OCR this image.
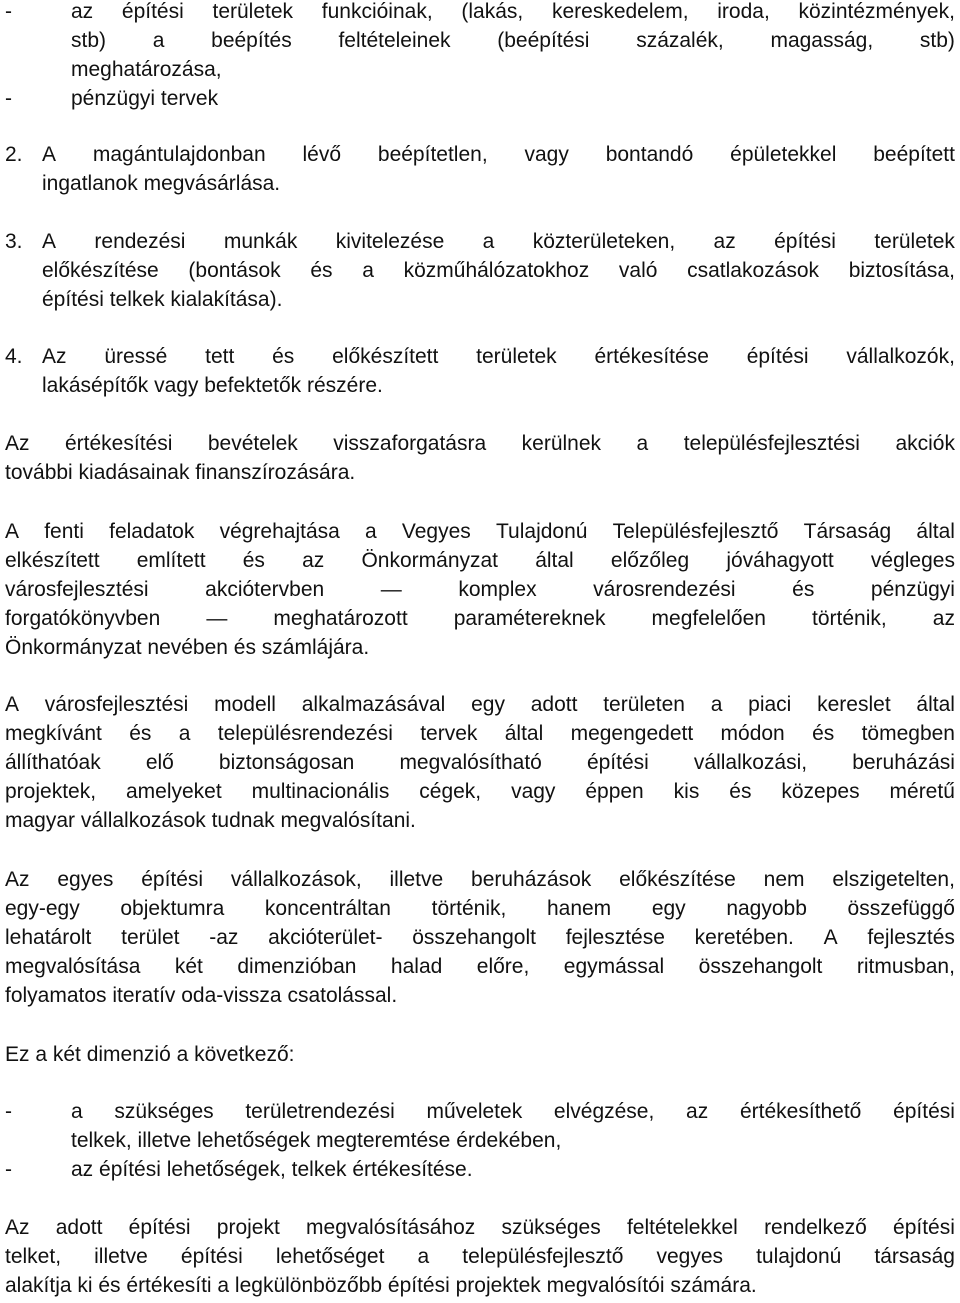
-	az építési területek funkcióinak, (lakás, kereskedelem, iroda, közintézmények,
stb) a beépítés feltételeinek (beépítési százalék, magasság, stb)
meghatározása,
-	pénzügyi tervek
2. A magántulajdonban lévő beépítetlen, vagy bontandó épületekkel beépített
ingatlanok megvásárlása.
3. A rendezési munkák kivitelezése a közterületeken, az építési területek
előkészítése (bontások és a közműhálózatokhoz való csatlakozások biztosítása,
építési telkek kialakítása).
4. Az üressé tett és előkészített területek értékesítése építési vállalkozók,
lakásépítők vagy befektetők részére.
Az értékesítési bevételek visszaforgatásra kerülnek a településfejlesztési akciók
további kiadásainak finanszírozására.
A fenti feladatok végrehajtása a Vegyes Tulajdonú Településfejlesztő Társaság által
elkészített említett és az Önkormányzat által előzőleg jóváhagyott végleges
városfejlesztési	akciótervben	—	komplex	városrendezési	és	pénzügyi
forgatókönyvben — meghatározott paramétereknek megfelelően történik, az
Önkormányzat nevében és számlájára.
A városfejlesztési modell alkalmazásával egy adott területen a piaci kereslet által
megkívánt és a településrendezési tervek által megengedett módon és tömegben
állíthatóak elő biztonságosan megvalósítható építési vállalkozási, beruházási
projektek, amelyeket multinacionális cégek, vagy éppen kis és közepes méretű
magyar vállalkozások tudnak megvalósítani.
Az egyes építési vállalkozások, illetve beruházások előkészítése nem elszigetelten,
egy-egy objektumra koncentráltan történik, hanem egy nagyobb összefüggő
lehatárolt terület -az akcióterület- összehangolt fejlesztése keretében. A fejlesztés
megvalósítása két dimenzióban halad előre, egymással összehangolt ritmusban,
folyamatos iteratív oda-vissza csatolással.
Ez a két dimenzió a következő:
-	a szükséges területrendezési műveletek elvégzése, az értékesíthető építési
telkek, illetve lehetőségek megteremtése érdekében,
-	az építési lehetőségek, telkek értékesítése.
Az adott építési projekt megvalósításához szükséges feltételekkel rendelkező építési
telket, illetve építési lehetőséget a településfejlesztő vegyes tulajdonú társaság
alakítja ki és értékesíti a legkülönbözőbb építési projektek megvalósítói számára.
